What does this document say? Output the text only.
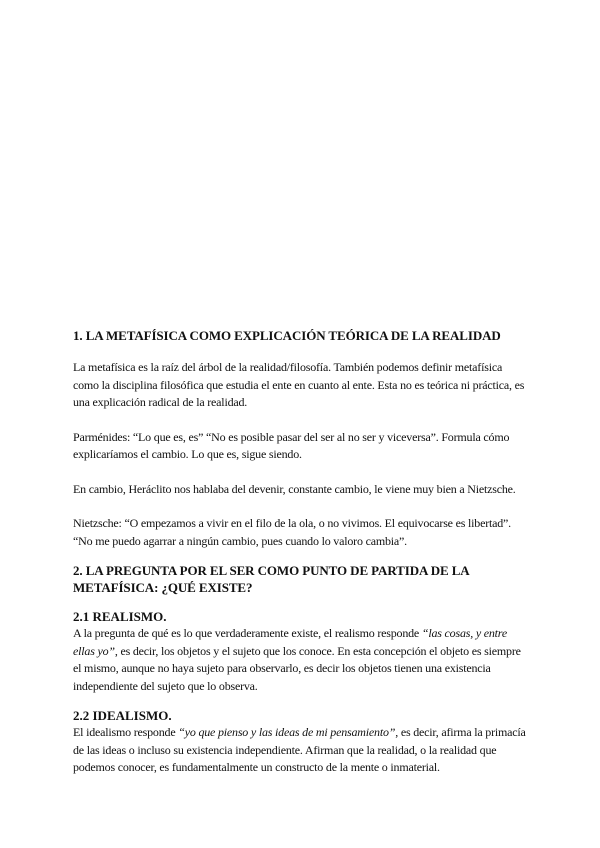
1. LA METAFÍSICA COMO EXPLICACIÓN TEÓRICA DE LA REALIDAD

La metafísica es la raíz del árbol de la realidad/filosofía. También podemos definir metafísica como la disciplina filosófica que estudia el ente en cuanto al ente. Esta no es teórica ni práctica, es una explicación radical de la realidad.

Parménides: “Lo que es, es” “No es posible pasar del ser al no ser y viceversa”. Formula cómo explicaríamos el cambio. Lo que es, sigue siendo.

En cambio, Heráclito nos hablaba del devenir, constante cambio, le viene muy bien a Nietzsche.

Nietzsche: “O empezamos a vivir en el filo de la ola, o no vivimos. El equivocarse es libertad”. “No me puedo agarrar a ningún cambio, pues cuando lo valoro cambia”.

2. LA PREGUNTA POR EL SER COMO PUNTO DE PARTIDA DE LA METAFÍSICA: ¿QUÉ EXISTE?
2.1 REALISMO.

A la pregunta de qué es lo que verdaderamente existe, el realismo responde “las cosas, y entre ellas yo”, es decir, los objetos y el sujeto que los conoce. En esta concepción el objeto es siempre el mismo, aunque no haya sujeto para observarlo, es decir los objetos tienen una existencia independiente del sujeto que lo observa.

2.2 IDEALISMO.

El idealismo responde “yo que pienso y las ideas de mi pensamiento”, es decir, afirma la primacía de las ideas o incluso su existencia independiente. Afirman que la realidad, o la realidad que podemos conocer, es fundamentalmente un constructo de la mente o inmaterial.
